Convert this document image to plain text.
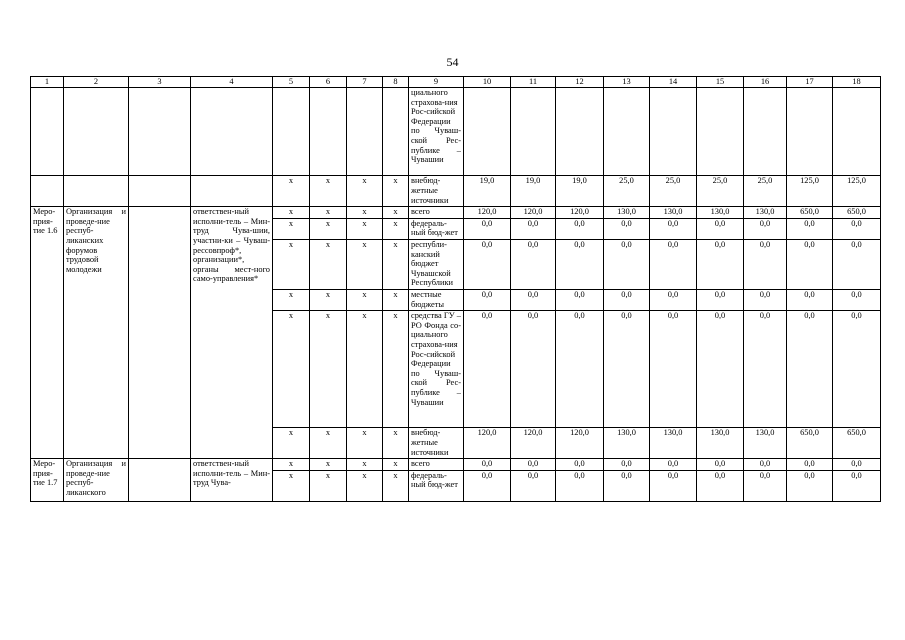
54
1	2	3	4	5	6	7	8	9	10	11	12	13	14	15	16	17	18
								циального страхова-ния Рос-сийской Федерации по Чуваш-ской Рес-публике – Чувашии									
				x	x	x	x	внебюд-жетные источники	19,0	19,0	19,0	25,0	25,0	25,0	25,0	125,0	125,0
Меро-прия-тие 1.6	Организация и проведе-ние респуб-ликанских форумов трудовой молодежи		ответствен-ный исполни-тель – Мин-труд Чува-шии, участни-ки – Чуваш-рессовпроф*, организации*, органы мест-ного само-управления*	x	x	x	x	всего	120,0	120,0	120,0	130,0	130,0	130,0	130,0	650,0	650,0
				x	x	x	x	федераль-ный бюд-жет	0,0	0,0	0,0	0,0	0,0	0,0	0,0	0,0	0,0
				x	x	x	x	республи-канский бюджет Чувашской Республики	0,0	0,0	0,0	0,0	0,0	0,0	0,0	0,0	0,0
				x	x	x	x	местные бюджеты	0,0	0,0	0,0	0,0	0,0	0,0	0,0	0,0	0,0
				x	x	x	x	средства ГУ – РО Фонда со-циального страхова-ния Рос-сийской Федерации по Чуваш-ской Рес-публике – Чувашии	0,0	0,0	0,0	0,0	0,0	0,0	0,0	0,0	0,0
				x	x	x	x	внебюд-жетные источники	120,0	120,0	120,0	130,0	130,0	130,0	130,0	650,0	650,0
Меро-прия-тие 1.7	Организация и проведе-ние респуб-ликанского		ответствен-ный исполни-тель – Мин-труд Чува-	x	x	x	x	всего	0,0	0,0	0,0	0,0	0,0	0,0	0,0	0,0	0,0
				x	x	x	x	федераль-ный бюд-жет	0,0	0,0	0,0	0,0	0,0	0,0	0,0	0,0	0,0
